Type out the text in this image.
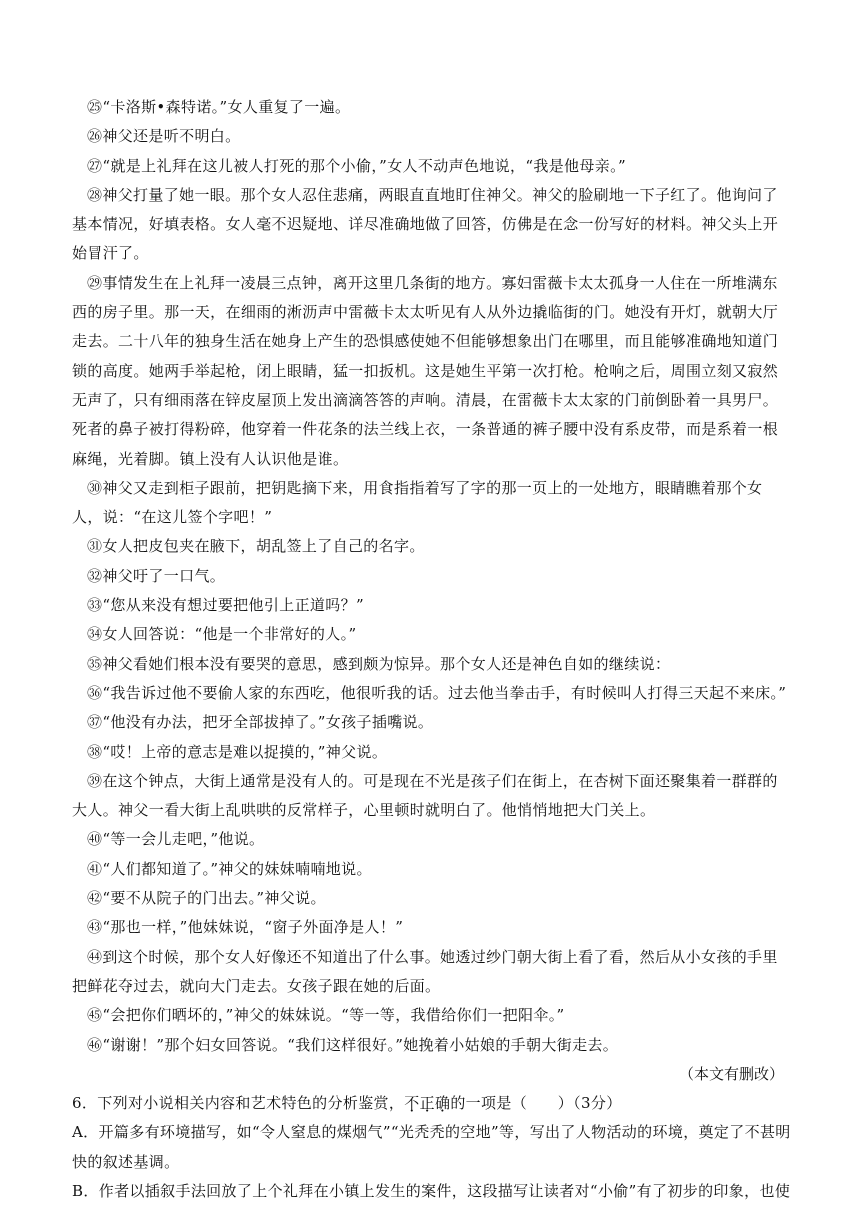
㉕“卡洛斯•森特诺。”女人重复了一遍。

㉖神父还是听不明白。

㉗“就是上礼拜在这儿被人打死的那个小偷，”女人不动声色地说，“我是他母亲。”

㉘神父打量了她一眼。那个女人忍住悲痛，两眼直直地盯住神父。神父的脸刷地一下子红了。他询问了基本情况，好填表格。女人毫不迟疑地、详尽准确地做了回答，仿佛是在念一份写好的材料。神父头上开始冒汗了。

㉙事情发生在上礼拜一凌晨三点钟，离开这里几条街的地方。寡妇雷薇卡太太孤身一人住在一所堆满东西的房子里。那一天，在细雨的淅沥声中雷薇卡太太听见有人从外边撬临街的门。她没有开灯，就朝大厅走去。二十八年的独身生活在她身上产生的恐惧感使她不但能够想象出门在哪里，而且能够准确地知道门锁的高度。她两手举起枪，闭上眼睛，猛一扣扳机。这是她生平第一次打枪。枪响之后，周围立刻又寂然无声了，只有细雨落在锌皮屋顶上发出滴滴答答的声响。清晨，在雷薇卡太太家的门前倒卧着一具男尸。死者的鼻子被打得粉碎，他穿着一件花条的法兰线上衣，一条普通的裤子腰中没有系皮带，而是系着一根麻绳，光着脚。镇上没有人认识他是谁。

㉚神父又走到柜子跟前，把钥匙摘下来，用食指指着写了字的那一页上的一处地方，眼睛瞧着那个女人，说：“在这儿签个字吧！”

㉛女人把皮包夹在腋下，胡乱签上了自己的名字。

㉜神父吁了一口气。

㉝“您从来没有想过要把他引上正道吗？”

㉞女人回答说：“他是一个非常好的人。”

㉟神父看她们根本没有要哭的意思，感到颇为惊异。那个女人还是神色自如的继续说：

㊱“我告诉过他不要偷人家的东西吃，他很听我的话。过去他当拳击手，有时候叫人打得三天起不来床。”

㊲“他没有办法，把牙全部拔掉了。”女孩子插嘴说。

㊳“哎！上帝的意志是难以捉摸的，”神父说。

㊴在这个钟点，大街上通常是没有人的。可是现在不光是孩子们在街上，在杏树下面还聚集着一群群的大人。神父一看大街上乱哄哄的反常样子，心里顿时就明白了。他悄悄地把大门关上。

㊵“等一会儿走吧，”他说。

㊶“人们都知道了。”神父的妹妹喃喃地说。

㊷“要不从院子的门出去。”神父说。

㊸“那也一样，”他妹妹说，“窗子外面净是人！”

㊹到这个时候，那个女人好像还不知道出了什么事。她透过纱门朝大街上看了看，然后从小女孩的手里把鲜花夺过去，就向大门走去。女孩子跟在她的后面。

㊺“会把你们晒坏的，”神父的妹妹说。“等一等，我借给你们一把阳伞。”

㊻“谢谢！”那个妇女回答说。“我们这样很好。”她挽着小姑娘的手朝大街走去。

（本文有删改）

6．下列对小说相关内容和艺术特色的分析鉴赏，不正确的一项是（　　）（3分）

A．开篇多有环境描写，如“令人窒息的煤烟气”“光秃秃的空地”等，写出了人物活动的环境，奠定了不甚明快的叙述基调。

B．作者以插叙手法回放了上个礼拜在小镇上发生的案件，这段描写让读者对“小偷”有了初步的印象，也使
